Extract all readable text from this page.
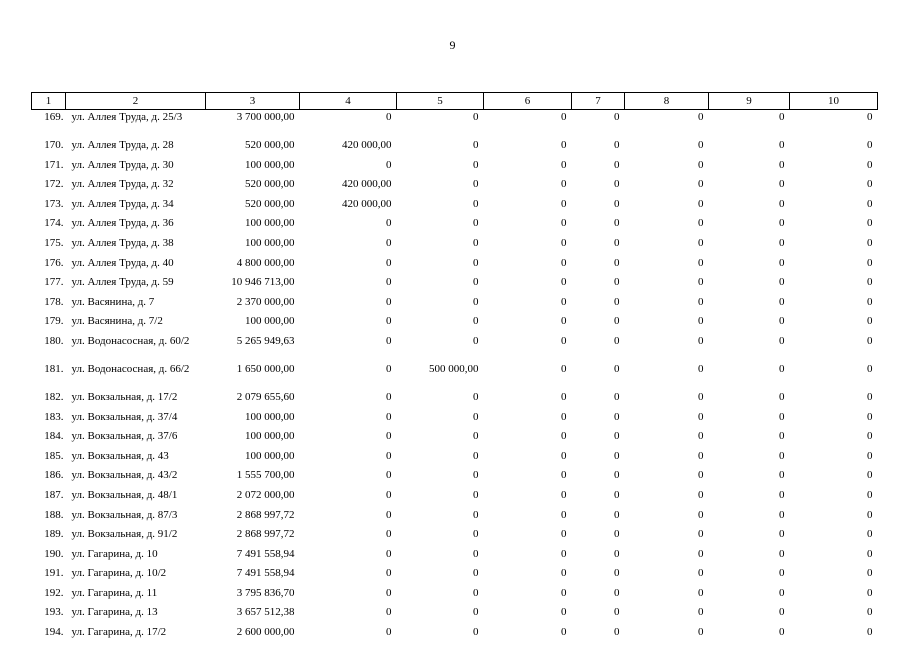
9
1	2	3	4	5	6	7	8	9	10
169.	ул. Аллея Труда, д. 25/3	3 700 000,00	0	0	0	0	0	0	0
170.	ул. Аллея Труда, д. 28	520 000,00	420 000,00	0	0	0	0	0	0
171.	ул. Аллея Труда, д. 30	100 000,00	0	0	0	0	0	0	0
172.	ул. Аллея Труда, д. 32	520 000,00	420 000,00	0	0	0	0	0	0
173.	ул. Аллея Труда, д. 34	520 000,00	420 000,00	0	0	0	0	0	0
174.	ул. Аллея Труда, д. 36	100 000,00	0	0	0	0	0	0	0
175.	ул. Аллея Труда, д. 38	100 000,00	0	0	0	0	0	0	0
176.	ул. Аллея Труда, д. 40	4 800 000,00	0	0	0	0	0	0	0
177.	ул. Аллея Труда, д. 59	10 946 713,00	0	0	0	0	0	0	0
178.	ул. Васянина, д. 7	2 370 000,00	0	0	0	0	0	0	0
179.	ул. Васянина, д. 7/2	100 000,00	0	0	0	0	0	0	0
180.	ул. Водонасосная, д. 60/2	5 265 949,63	0	0	0	0	0	0	0
181.	ул. Водонасосная, д. 66/2	1 650 000,00	0	500 000,00	0	0	0	0	0
182.	ул. Вокзальная, д. 17/2	2 079 655,60	0	0	0	0	0	0	0
183.	ул. Вокзальная, д. 37/4	100 000,00	0	0	0	0	0	0	0
184.	ул. Вокзальная, д. 37/6	100 000,00	0	0	0	0	0	0	0
185.	ул. Вокзальная, д. 43	100 000,00	0	0	0	0	0	0	0
186.	ул. Вокзальная, д. 43/2	1 555 700,00	0	0	0	0	0	0	0
187.	ул. Вокзальная, д. 48/1	2 072 000,00	0	0	0	0	0	0	0
188.	ул. Вокзальная, д. 87/3	2 868 997,72	0	0	0	0	0	0	0
189.	ул. Вокзальная, д. 91/2	2 868 997,72	0	0	0	0	0	0	0
190.	ул. Гагарина, д. 10	7 491 558,94	0	0	0	0	0	0	0
191.	ул. Гагарина, д. 10/2	7 491 558,94	0	0	0	0	0	0	0
192.	ул. Гагарина, д. 11	3 795 836,70	0	0	0	0	0	0	0
193.	ул. Гагарина, д. 13	3 657 512,38	0	0	0	0	0	0	0
194.	ул. Гагарина, д. 17/2	2 600 000,00	0	0	0	0	0	0	0
